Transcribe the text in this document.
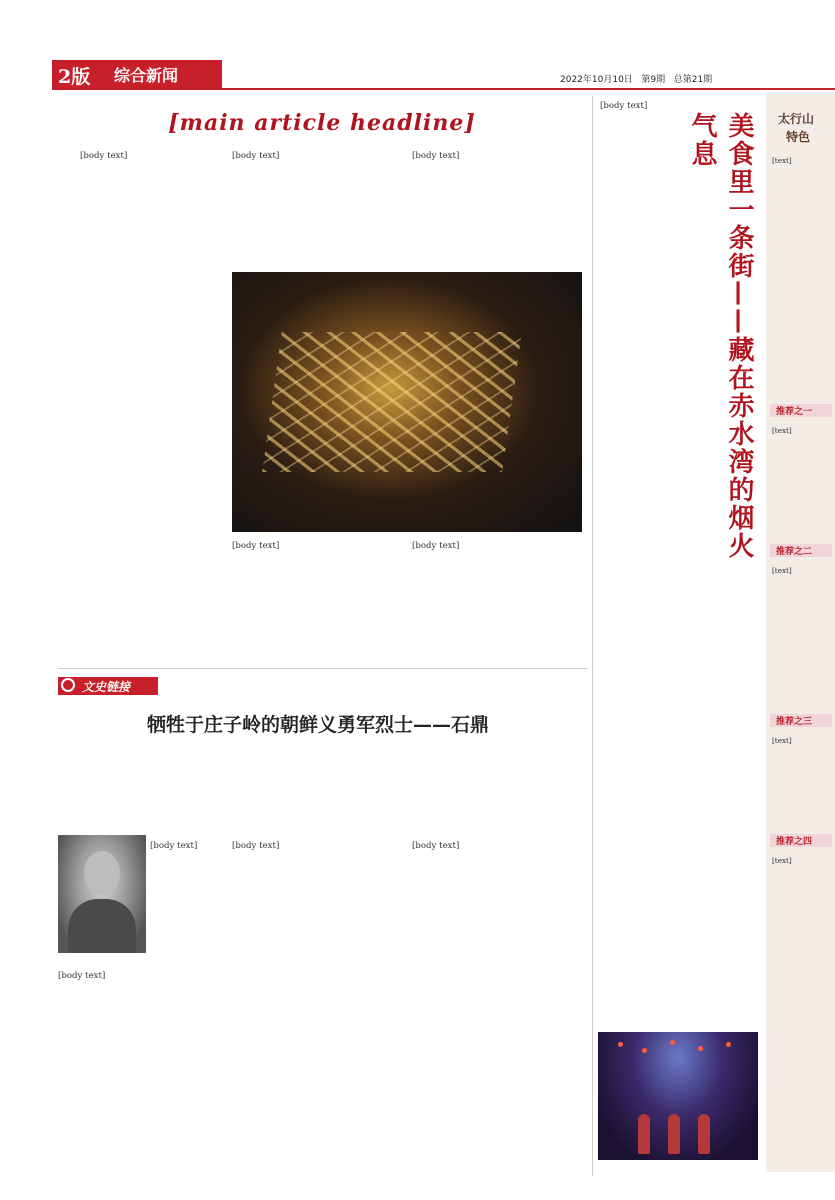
2版 综合新闻	2022年10月10日 第9期 总第21期
[main article headline]

[body text]	[body text]	[body text]

[body text]	[body text]

[body text]

美食里一条街——藏在赤水湾的烟火气息
文史链接
牺牲于庄子岭的朝鲜义勇军烈士——石鼎

[body text]

[body text]

[body text]	[body text]

太行山
特色
[text]
推荐之一
[text]
推荐之二
[text]
推荐之三
[text]
推荐之四
[text]
